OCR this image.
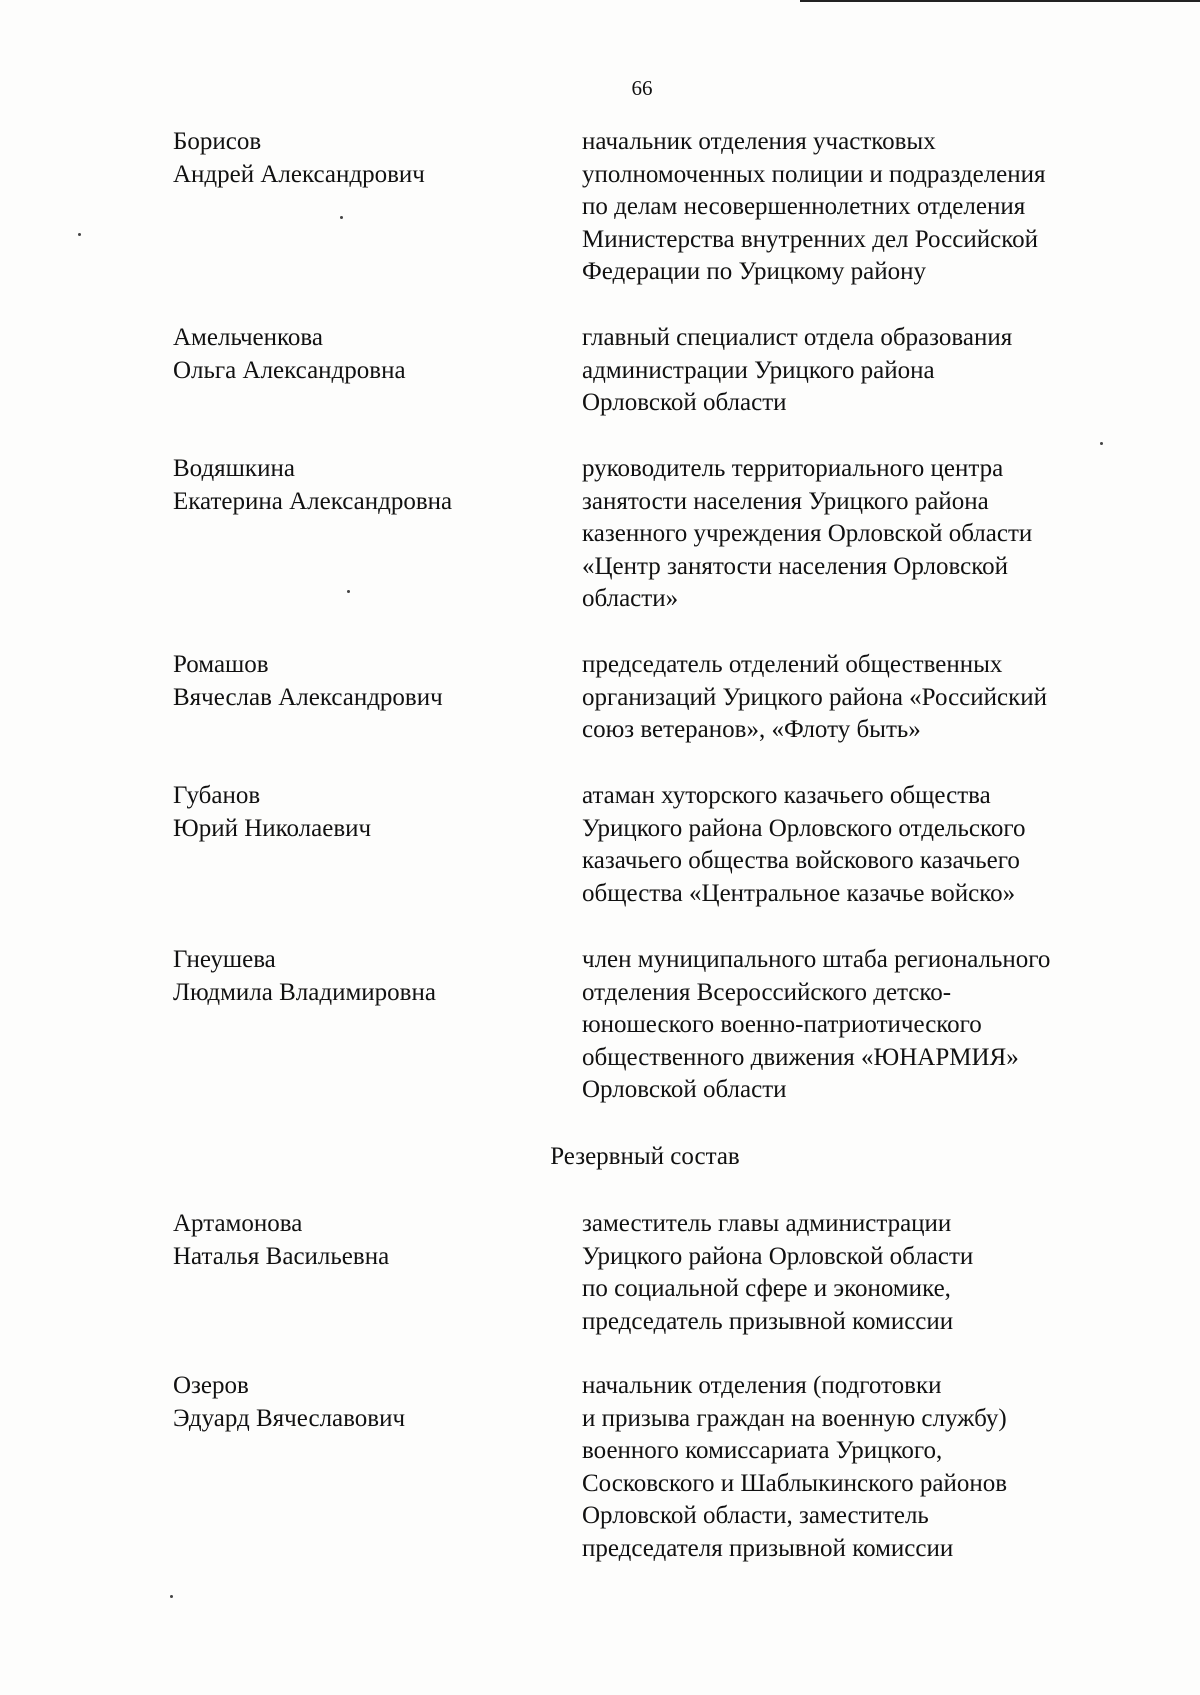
66
Борисов
Андрей Александрович
начальник отделения участковых
уполномоченных полиции и подразделения
по делам несовершеннолетних отделения
Министерства внутренних дел Российской
Федерации по Урицкому району
Амельченкова
Ольга Александровна
главный специалист отдела образования
администрации Урицкого района
Орловской области
Водяшкина
Екатерина Александровна
руководитель территориального центра
занятости населения Урицкого района
казенного учреждения Орловской области
«Центр занятости населения Орловской
области»
Ромашов
Вячеслав Александрович
председатель отделений общественных
организаций Урицкого района «Российский
союз ветеранов», «Флоту быть»
Губанов
Юрий Николаевич
атаман хуторского казачьего общества
Урицкого района Орловского отдельского
казачьего общества войскового казачьего
общества «Центральное казачье войско»
Гнеушева
Людмила Владимировна
член муниципального штаба регионального
отделения Всероссийского детско-
юношеского военно-патриотического
общественного движения «ЮНАРМИЯ»
Орловской области
Резервный состав
Артамонова
Наталья Васильевна
заместитель главы администрации
Урицкого района Орловской области
по социальной сфере и экономике,
председатель призывной комиссии
Озеров
Эдуард Вячеславович
начальник отделения (подготовки
и призыва граждан на военную службу)
военного комиссариата Урицкого,
Сосковского и Шаблыкинского районов
Орловской области, заместитель
председателя призывной комиссии
